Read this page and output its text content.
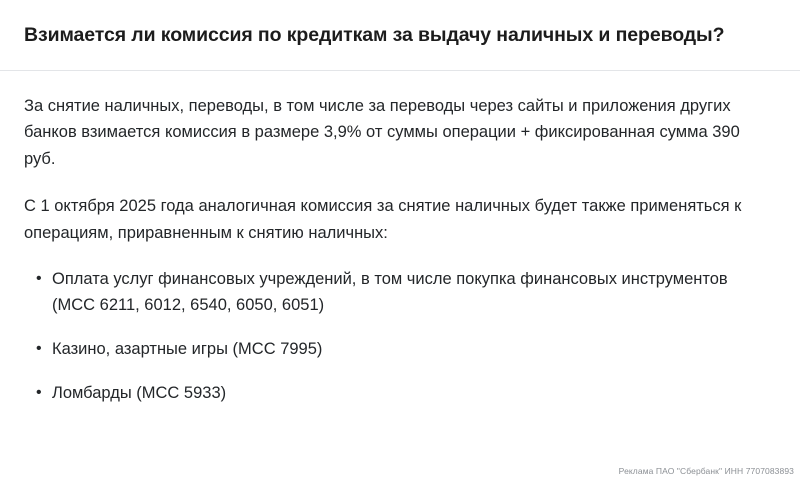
Взимается ли комиссия по кредиткам за выдачу наличных и переводы?

За снятие наличных, переводы, в том числе за переводы через сайты и приложения других банков взимается комиссия в размере 3,9% от суммы операции + фиксированная сумма 390 руб.

С 1 октября 2025 года аналогичная комиссия за снятие наличных будет также применяться к операциям, приравненным к снятию наличных:

• Оплата услуг финансовых учреждений, в том числе покупка финансовых инструментов (МСС 6211, 6012, 6540, 6050, 6051)
• Казино, азартные игры (МСС 7995)
• Ломбарды (МСС 5933)
Реклама ПАО "Сбербанк" ИНН 7707083893
